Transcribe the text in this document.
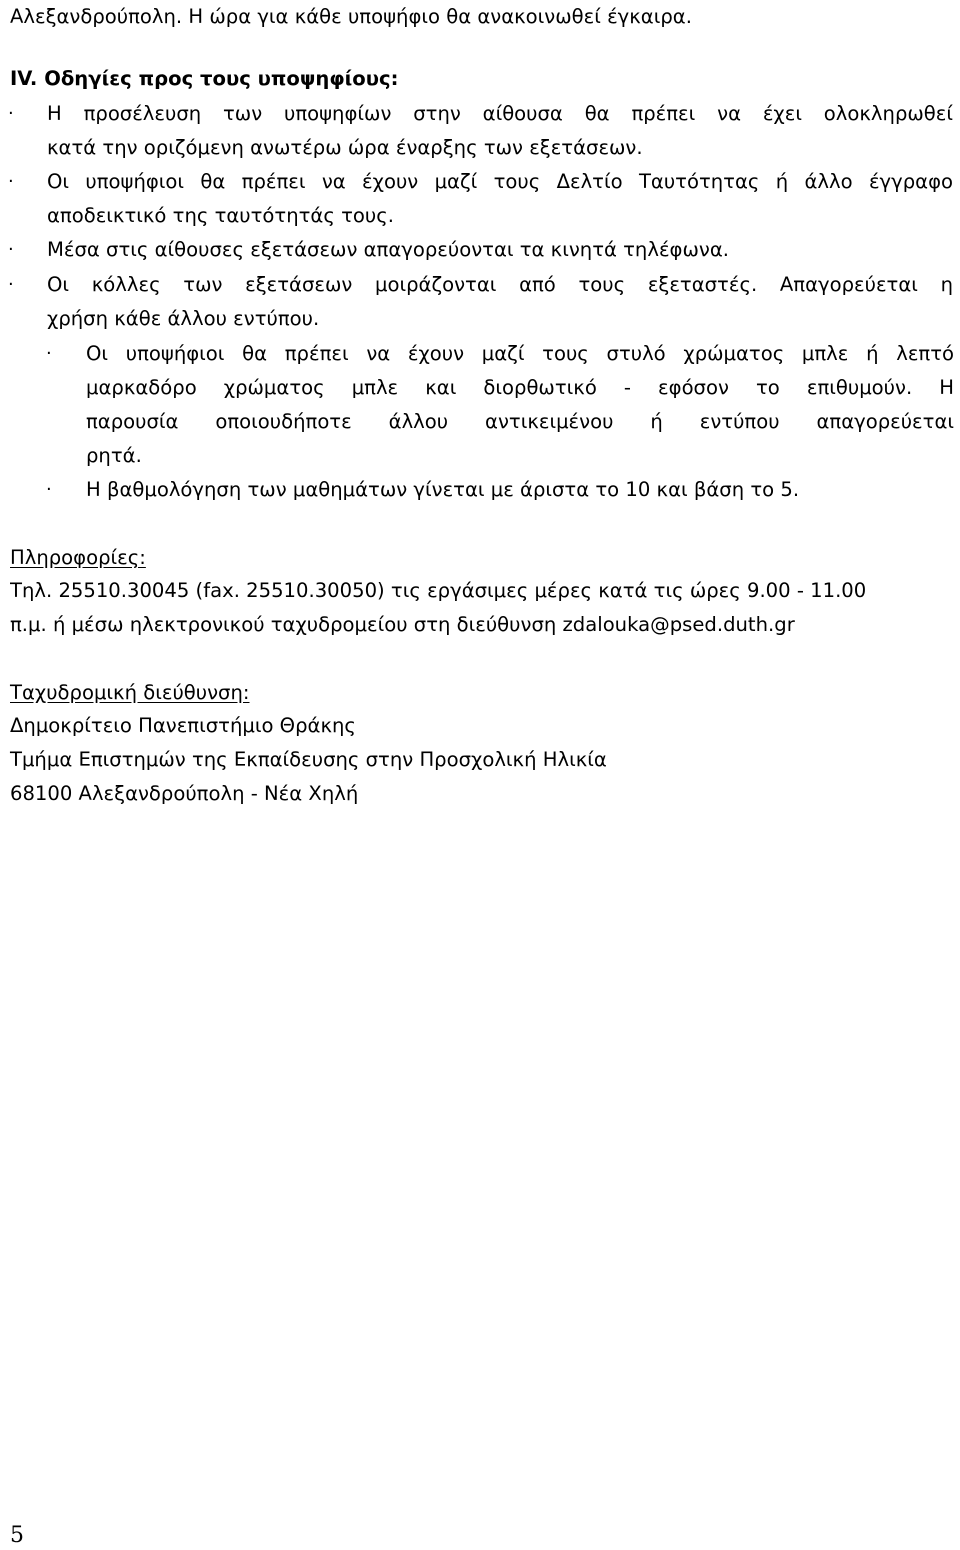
Αλεξανδρούπολη. Η ώρα για κάθε υποψήφιο θα ανακοινωθεί έγκαιρα.
IV. Οδηγίες προς τους υποψηφίους:
· Η προσέλευση των υποψηφίων στην αίθουσα θα πρέπει να έχει ολοκληρωθεί
κατά την οριζόμενη ανωτέρω ώρα έναρξης των εξετάσεων.
· Οι υποψήφιοι θα πρέπει να έχουν μαζί τους Δελτίο Ταυτότητας ή άλλο έγγραφο
αποδεικτικό της ταυτότητάς τους.
· Μέσα στις αίθουσες εξετάσεων απαγορεύονται τα κινητά τηλέφωνα.
· Οι κόλλες των εξετάσεων μοιράζονται από τους εξεταστές. Απαγορεύεται η
χρήση κάθε άλλου εντύπου.
· Οι υποψήφιοι θα πρέπει να έχουν μαζί τους στυλό χρώματος μπλε ή λεπτό
μαρκαδόρο χρώματος μπλε και διορθωτικό - εφόσον το επιθυμούν. Η
παρουσία οποιουδήποτε άλλου αντικειμένου ή εντύπου απαγορεύεται
ρητά.
· Η βαθμολόγηση των μαθημάτων γίνεται με άριστα το 10 και βάση το 5.
Πληροφορίες:
Τηλ. 25510.30045 (fax. 25510.30050) τις εργάσιμες μέρες κατά τις ώρες 9.00 - 11.00
π.μ. ή μέσω ηλεκτρονικού ταχυδρομείου στη διεύθυνση zdalouka@psed.duth.gr
Ταχυδρομική διεύθυνση:
Δημοκρίτειο Πανεπιστήμιο Θράκης
Τμήμα Επιστημών της Εκπαίδευσης στην Προσχολική Ηλικία
68100 Αλεξανδρούπολη - Νέα Χηλή
5
